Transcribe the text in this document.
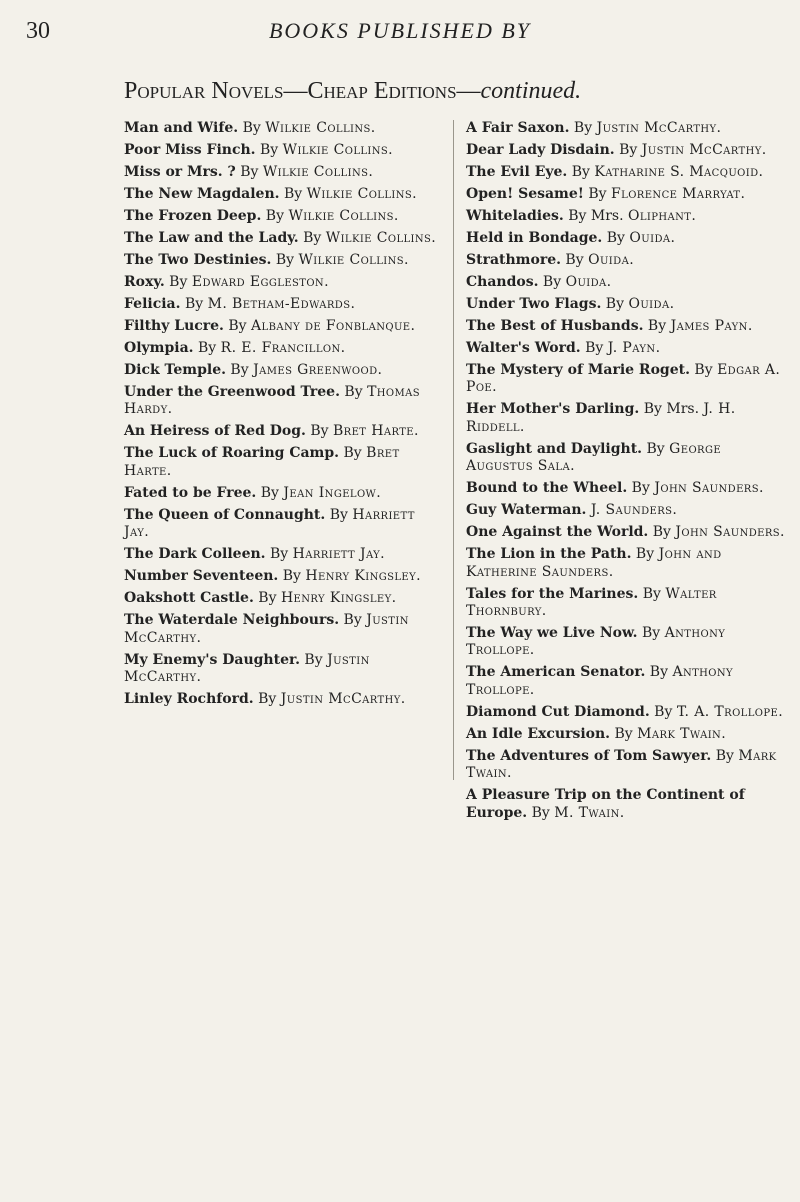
30	BOOKS PUBLISHED BY
Popular Novels—Cheap Editions—continued.

Man and Wife. By Wilkie Collins.

Poor Miss Finch. By Wilkie Collins.

Miss or Mrs. ? By Wilkie Collins.

The New Magdalen. By Wilkie Collins.

The Frozen Deep. By Wilkie Collins.

The Law and the Lady. By Wilkie Collins.

The Two Destinies. By Wilkie Collins.

Roxy. By Edward Eggleston.

Felicia. By M. Betham-Edwards.

Filthy Lucre. By Albany de Fonblanque.

Olympia. By R. E. Francillon.

Dick Temple. By James Greenwood.

Under the Greenwood Tree. By Thomas Hardy.

An Heiress of Red Dog. By Bret Harte.

The Luck of Roaring Camp. By Bret Harte.

Fated to be Free. By Jean Ingelow.

The Queen of Connaught. By Harriett Jay.

The Dark Colleen. By Harriett Jay.

Number Seventeen. By Henry Kingsley.

Oakshott Castle. By Henry Kingsley.

The Waterdale Neighbours. By Justin McCarthy.

My Enemy's Daughter. By Justin McCarthy.

Linley Rochford. By Justin McCarthy.

A Fair Saxon. By Justin McCarthy.

Dear Lady Disdain. By Justin McCarthy.

The Evil Eye. By Katharine S. Macquoid.

Open! Sesame! By Florence Marryat.

Whiteladies. By Mrs. Oliphant.

Held in Bondage. By Ouida.

Strathmore. By Ouida.

Chandos. By Ouida.

Under Two Flags. By Ouida.

The Best of Husbands. By James Payn.

Walter's Word. By J. Payn.

The Mystery of Marie Roget. By Edgar A. Poe.

Her Mother's Darling. By Mrs. J. H. Riddell.

Gaslight and Daylight. By George Augustus Sala.

Bound to the Wheel. By John Saunders.

Guy Waterman. J. Saunders.

One Against the World. By John Saunders.

The Lion in the Path. By John and Katherine Saunders.

Tales for the Marines. By Walter Thornbury.

The Way we Live Now. By Anthony Trollope.

The American Senator. By Anthony Trollope.

Diamond Cut Diamond. By T. A. Trollope.

An Idle Excursion. By Mark Twain.

The Adventures of Tom Sawyer. By Mark Twain.

A Pleasure Trip on the Continent of Europe. By M. Twain.
